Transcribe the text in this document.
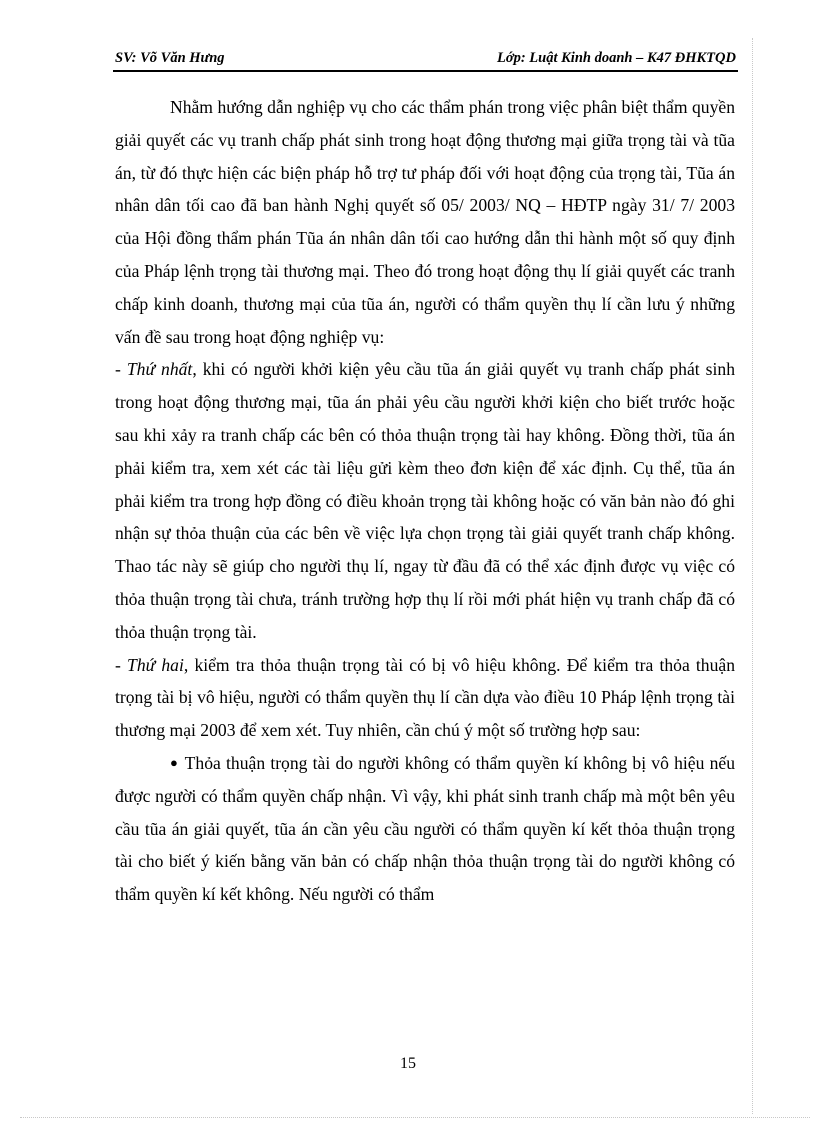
SV: Võ Văn Hưng	Lớp: Luật Kinh doanh – K47 ĐHKTQD

Nhằm hướng dẫn nghiệp vụ cho các thẩm phán trong việc phân biệt thẩm quyền giải quyết các vụ tranh chấp phát sinh trong hoạt động thương mại giữa trọng tài và tũa án, từ đó thực hiện các biện pháp hỗ trợ tư pháp đối với hoạt động của trọng tài, Tũa án nhân dân tối cao đã ban hành Nghị quyết số 05/ 2003/ NQ – HĐTP ngày 31/ 7/ 2003 của Hội đồng thẩm phán Tũa án nhân dân tối cao hướng dẫn thi hành một số quy định của Pháp lệnh trọng tài thương mại. Theo đó trong hoạt động thụ lí giải quyết các tranh chấp kinh doanh, thương mại của tũa án, người có thẩm quyền thụ lí cần lưu ý những vấn đề sau trong hoạt động nghiệp vụ:

- Thứ nhất, khi có người khởi kiện yêu cầu tũa án giải quyết vụ tranh chấp phát sinh trong hoạt động thương mại, tũa án phải yêu cầu người khởi kiện cho biết trước hoặc sau khi xảy ra tranh chấp các bên có thỏa thuận trọng tài hay không. Đồng thời, tũa án phải kiểm tra, xem xét các tài liệu gửi kèm theo đơn kiện để xác định. Cụ thể, tũa án phải kiểm tra trong hợp đồng có điều khoản trọng tài không hoặc có văn bản nào đó ghi nhận sự thỏa thuận của các bên về việc lựa chọn trọng tài giải quyết tranh chấp không. Thao tác này sẽ giúp cho người thụ lí, ngay từ đầu đã có thể xác định được vụ việc có thỏa thuận trọng tài chưa, tránh trường hợp thụ lí rồi mới phát hiện vụ tranh chấp đã có thỏa thuận trọng tài.

- Thứ hai, kiểm tra thỏa thuận trọng tài có bị vô hiệu không. Để kiểm tra thỏa thuận trọng tài bị vô hiệu, người có thẩm quyền thụ lí cần dựa vào điều 10 Pháp lệnh trọng tài thương mại 2003 để xem xét. Tuy nhiên, cần chú ý một số trường hợp sau:

● Thỏa thuận trọng tài do người không có thẩm quyền kí không bị vô hiệu nếu được người có thẩm quyền chấp nhận. Vì vậy, khi phát sinh tranh chấp mà một bên yêu cầu tũa án giải quyết, tũa án cần yêu cầu người có thẩm quyền kí kết thỏa thuận trọng tài cho biết ý kiến bằng văn bản có chấp nhận thỏa thuận trọng tài do người không có thẩm quyền kí kết không. Nếu người có thẩm

15
